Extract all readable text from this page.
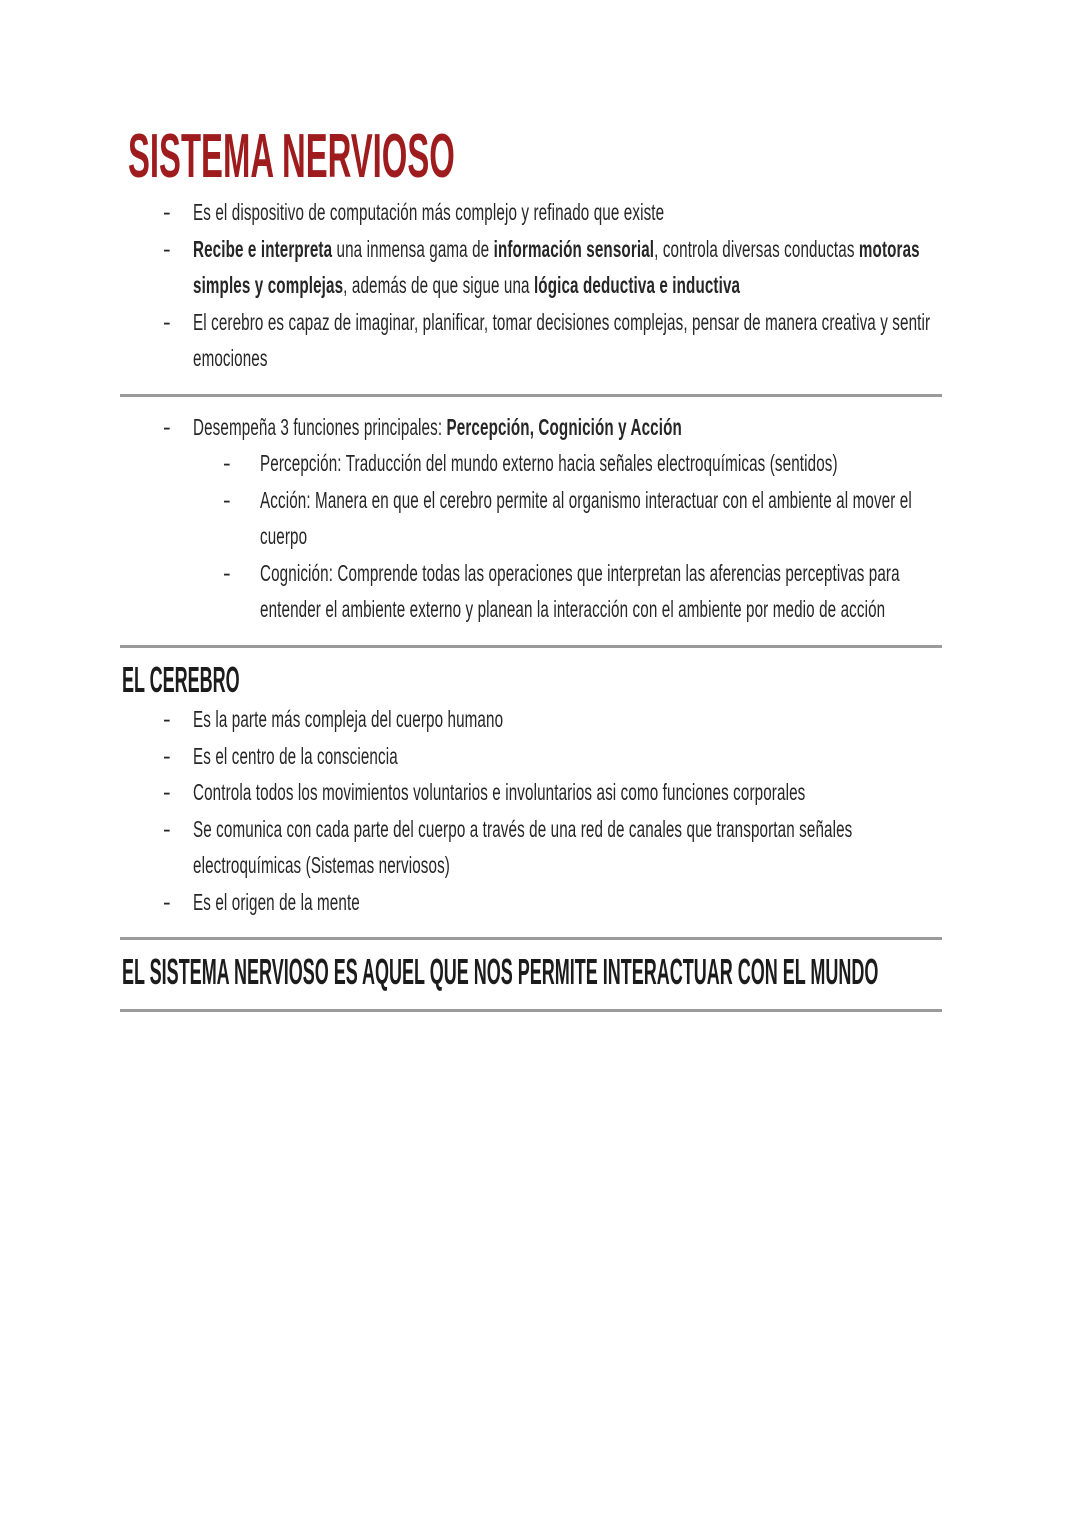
SISTEMA NERVIOSO
- Es el dispositivo de computación más complejo y refinado que existe
- Recibe e interpreta una inmensa gama de información sensorial, controla diversas conductas motoras simples y complejas, además de que sigue una lógica deductiva e inductiva
- El cerebro es capaz de imaginar, planificar, tomar decisiones complejas, pensar de manera creativa y sentir emociones
- Desempeña 3 funciones principales: Percepción, Cognición y Acción
- Percepción: Traducción del mundo externo hacia señales electroquímicas (sentidos)
- Acción: Manera en que el cerebro permite al organismo interactuar con el ambiente al mover el cuerpo
- Cognición: Comprende todas las operaciones que interpretan las aferencias perceptivas para entender el ambiente externo y planean la interacción con el ambiente por medio de acción
EL CEREBRO
- Es la parte más compleja del cuerpo humano
- Es el centro de la consciencia
- Controla todos los movimientos voluntarios e involuntarios asi como funciones corporales
- Se comunica con cada parte del cuerpo a través de una red de canales que transportan señales electroquímicas (Sistemas nerviosos)
- Es el origen de la mente
EL SISTEMA NERVIOSO ES AQUEL QUE NOS PERMITE INTERACTUAR CON EL MUNDO
